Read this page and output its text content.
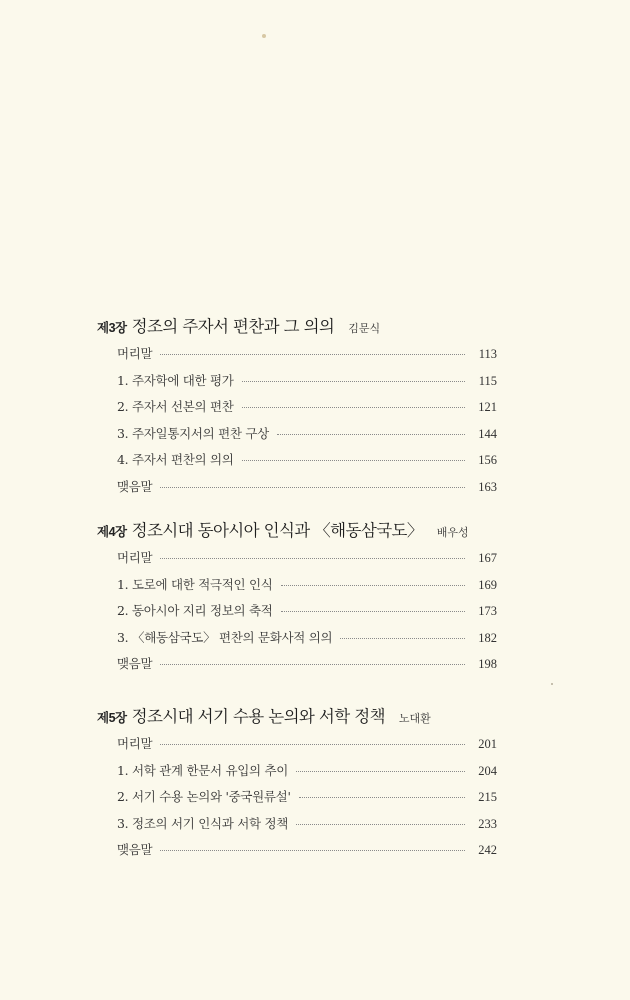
제3장 정조의 주자서 편찬과 그 의의 김문식
머리말	113
1. 주자학에 대한 평가	115
2. 주자서 선본의 편찬	121
3. 주자일통지서의 편찬 구상	144
4. 주자서 편찬의 의의	156
맺음말	163
제4장 정조시대 동아시아 인식과 〈해동삼국도〉 배우성
머리말	167
1. 도로에 대한 적극적인 인식	169
2. 동아시아 지리 정보의 축적	173
3. 〈해동삼국도〉 편찬의 문화사적 의의	182
맺음말	198
제5장 정조시대 서기 수용 논의와 서학 정책 노대환
머리말	201
1. 서학 관계 한문서 유입의 추이	204
2. 서기 수용 논의와 '중국원류설'	215
3. 정조의 서기 인식과 서학 정책	233
맺음말	242
